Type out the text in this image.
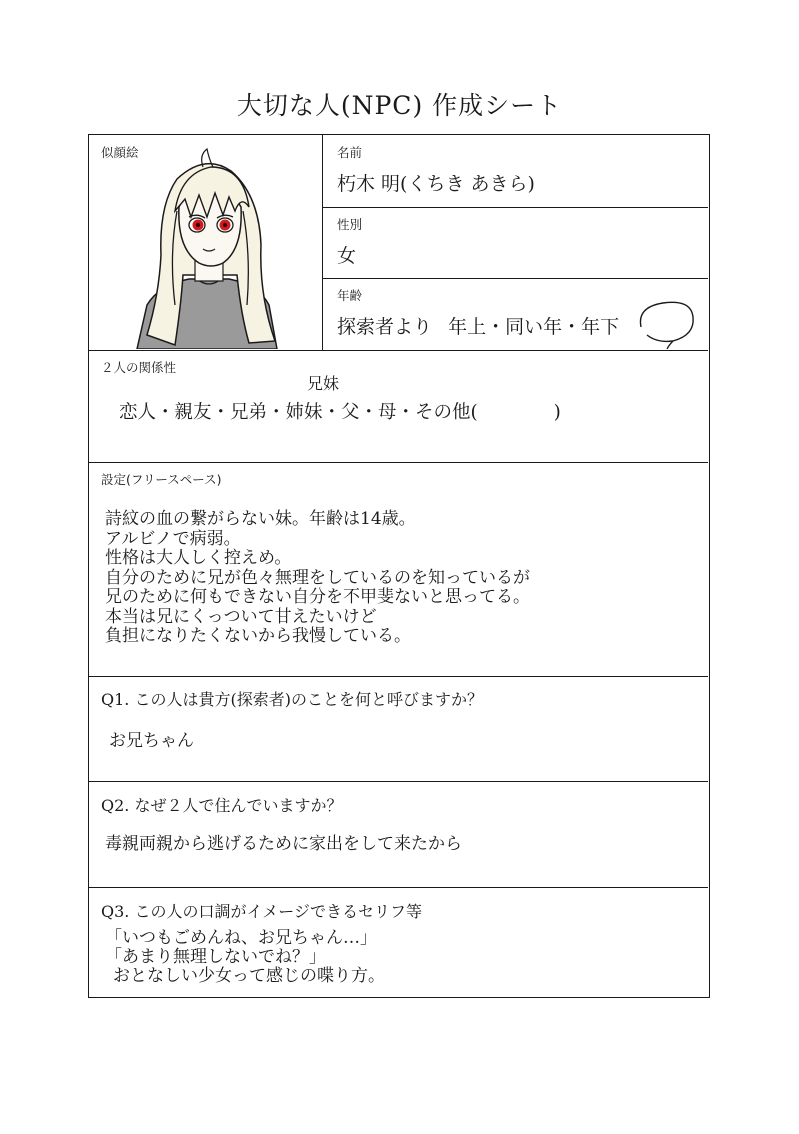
大切な人(NPC) 作成シート
似顔絵	名前
朽木 明(くちき あきら)
性別
女
年齢
探索者より 年上・同い年・年下
２人の関係性
兄妹
恋人・親友・兄弟・姉妹・父・母・その他(	)
設定(フリースペース)
詩紋の血の繋がらない妹。年齢は14歳。
アルビノで病弱。
性格は大人しく控えめ。
自分のために兄が色々無理をしているのを知っているが
兄のために何もできない自分を不甲斐ないと思ってる。
本当は兄にくっついて甘えたいけど
負担になりたくないから我慢している。
Q1. この人は貴方(探索者)のことを何と呼びますか？
お兄ちゃん
Q2. なぜ２人で住んでいますか？
毒親両親から逃げるために家出をして来たから
Q3. この人の口調がイメージできるセリフ等
「いつもごめんね、お兄ちゃん…」
「あまり無理しないでね？」
おとなしい少女って感じの喋り方。
